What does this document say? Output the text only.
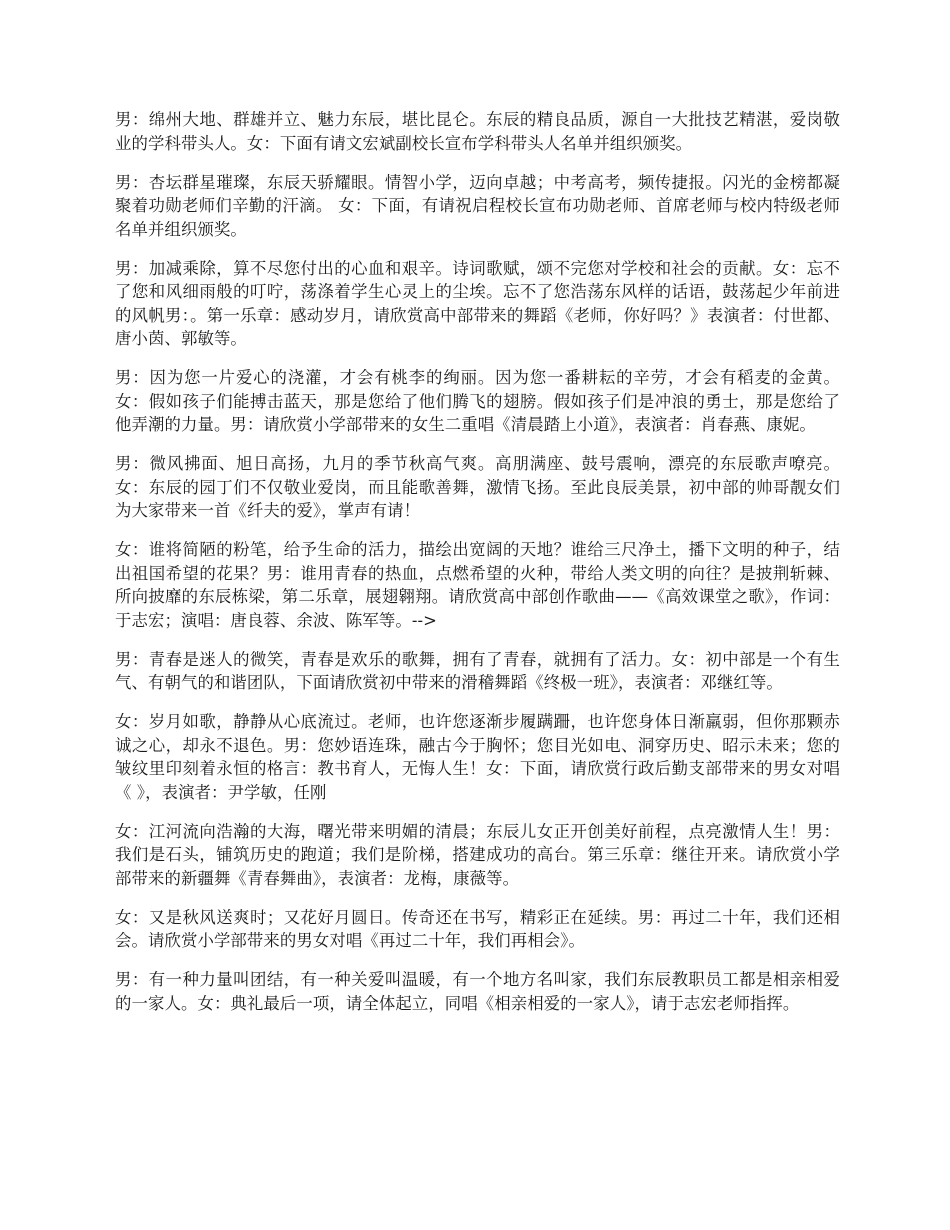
男：绵州大地、群雄并立、魅力东辰，堪比昆仑。东辰的精良品质，源自一大批技艺精湛，爱岗敬业的学科带头人。女：下面有请文宏斌副校长宣布学科带头人名单并组织颁奖。

男：杏坛群星璀璨，东辰天骄耀眼。情智小学，迈向卓越；中考高考，频传捷报。闪光的金榜都凝聚着功勋老师们辛勤的汗滴。 女：下面，有请祝启程校长宣布功勋老师、首席老师与校内特级老师名单并组织颁奖。

男：加减乘除，算不尽您付出的心血和艰辛。诗词歌赋，颂不完您对学校和社会的贡献。女：忘不了您和风细雨般的叮咛，荡涤着学生心灵上的尘埃。忘不了您浩荡东风样的话语，鼓荡起少年前进的风帆男：。第一乐章：感动岁月，请欣赏高中部带来的舞蹈《老师，你好吗？》表演者：付世都、唐小茵、郭敏等。

男：因为您一片爱心的浇灌，才会有桃李的绚丽。因为您一番耕耘的辛劳，才会有稻麦的金黄。女：假如孩子们能搏击蓝天，那是您给了他们腾飞的翅膀。假如孩子们是冲浪的勇士，那是您给了他弄潮的力量。男：请欣赏小学部带来的女生二重唱《清晨踏上小道》，表演者：肖春燕、康妮。

男：微风拂面、旭日高扬，九月的季节秋高气爽。高朋满座、鼓号震响，漂亮的东辰歌声嘹亮。女：东辰的园丁们不仅敬业爱岗，而且能歌善舞，激情飞扬。至此良辰美景，初中部的帅哥靓女们为大家带来一首《纤夫的爱》，掌声有请！

女：谁将简陋的粉笔，给予生命的活力，描绘出宽阔的天地？谁给三尺净土，播下文明的种子，结出祖国希望的花果？男：谁用青春的热血，点燃希望的火种，带给人类文明的向往？是披荆斩棘、所向披靡的东辰栋梁，第二乐章，展翅翱翔。请欣赏高中部创作歌曲——《高效课堂之歌》，作词：于志宏；演唱：唐良蓉、余波、陈军等。-->

男：青春是迷人的微笑，青春是欢乐的歌舞，拥有了青春，就拥有了活力。女：初中部是一个有生气、有朝气的和谐团队，下面请欣赏初中带来的滑稽舞蹈《终极一班》，表演者：邓继红等。

女：岁月如歌，静静从心底流过。老师，也许您逐渐步履蹒跚，也许您身体日渐羸弱，但你那颗赤诚之心，却永不退色。男：您妙语连珠，融古今于胸怀；您目光如电、洞穿历史、昭示未来；您的皱纹里印刻着永恒的格言：教书育人，无悔人生！女：下面，请欣赏行政后勤支部带来的男女对唱《 》，表演者：尹学敏，任刚

女：江河流向浩瀚的大海，曙光带来明媚的清晨；东辰儿女正开创美好前程，点亮激情人生！男：我们是石头，铺筑历史的跑道；我们是阶梯，搭建成功的高台。第三乐章：继往开来。请欣赏小学部带来的新疆舞《青春舞曲》，表演者：龙梅，康薇等。

女：又是秋风送爽时；又花好月圆日。传奇还在书写，精彩正在延续。男：再过二十年，我们还相会。请欣赏小学部带来的男女对唱《再过二十年，我们再相会》。

男：有一种力量叫团结，有一种关爱叫温暖，有一个地方名叫家，我们东辰教职员工都是相亲相爱的一家人。女：典礼最后一项，请全体起立，同唱《相亲相爱的一家人》，请于志宏老师指挥。
